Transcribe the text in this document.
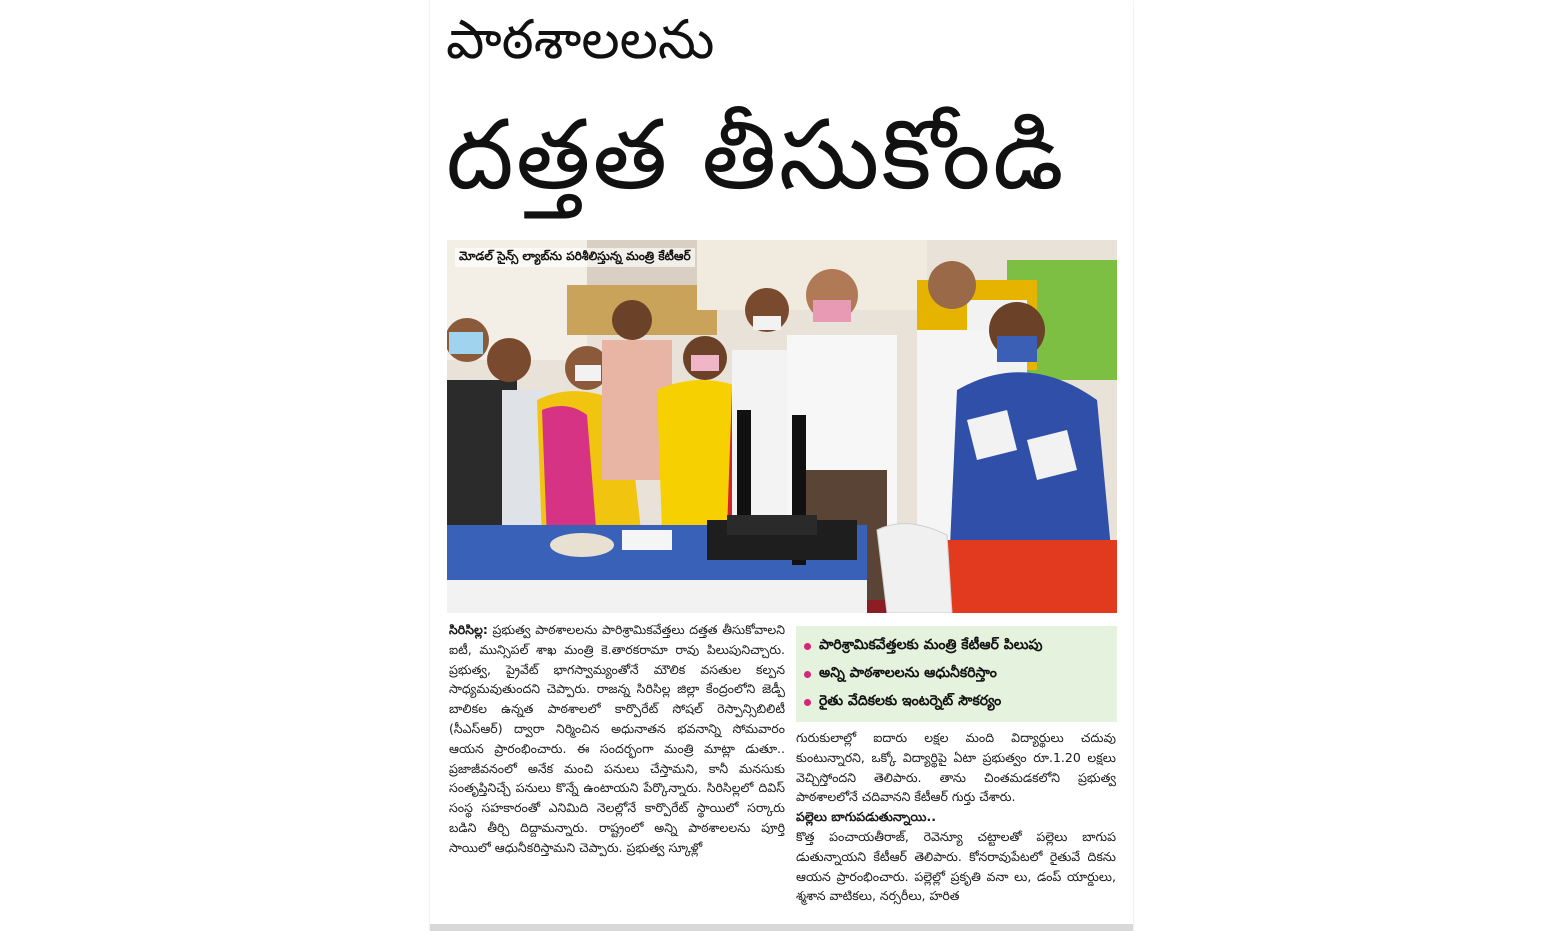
పాఠశాలలను
దత్తత తీసుకోండి
మోడల్ సైన్స్ ల్యాబ్‌ను పరిశీలిస్తున్న మంత్రి కేటీఆర్
సిరిసిల్ల: ప్రభుత్వ పాఠశాలలను పారిశ్రామికవేత్తలు దత్తత తీసుకోవాలని ఐటీ, మున్సిపల్ శాఖ మంత్రి కె.తారకరామా రావు పిలుపునిచ్చారు. ప్రభుత్వ, ప్రైవేట్ భాగస్వామ్యంతోనే మౌలిక వసతుల కల్పన సాధ్యమవుతుందని చెప్పారు. రాజన్న సిరిసిల్ల జిల్లా కేంద్రంలోని జెడ్పీ బాలికల ఉన్నత పాఠశాలలో కార్పొరేట్ సోషల్ రెస్పాన్సిబిలిటీ (సీఎస్ఆర్) ద్వారా నిర్మించిన అధునాతన భవనాన్ని సోమవారం ఆయన ప్రారంభించారు. ఈ సందర్భంగా మంత్రి మాట్లా డుతూ.. ప్రజాజీవనంలో అనేక మంచి పనులు చేస్తామని, కానీ మనసుకు సంతృప్తినిచ్చే పనులు కొన్నే ఉంటాయని పేర్కొన్నారు. సిరిసిల్లలో దివిస్ సంస్థ సహకారంతో ఎనిమిది నెలల్లోనే కార్పొరేట్ స్థాయిలో సర్కారు బడిని తీర్చి దిద్దామన్నారు. రాష్ట్రంలో అన్ని పాఠశాలలను పూర్తి సాయిలో ఆధునీకరిస్తామని చెప్పారు. ప్రభుత్వ స్కూళ్లో
పారిశ్రామికవేత్తలకు మంత్రి కేటీఆర్ పిలుపు
అన్ని పాఠశాలలను ఆధునీకరిస్తాం
రైతు వేదికలకు ఇంటర్నెట్ సౌకర్యం
గురుకులాల్లో ఐదారు లక్షల మంది విద్యార్థులు చదువు కుంటున్నారని, ఒక్కో విద్యార్థిపై ఏటా ప్రభుత్వం రూ.1.20 లక్షలు వెచ్చిస్తోందని తెలిపారు. తాను చింతమడకలోని ప్రభుత్వ పాఠశాలలోనే చదివానని కేటీఆర్ గుర్తు చేశారు.
పల్లెలు బాగుపడుతున్నాయి..
కొత్త పంచాయతీరాజ్, రెవెన్యూ చట్టాలతో పల్లెలు బాగుప డుతున్నాయని కేటీఆర్ తెలిపారు. కోనరావుపేటలో రైతువే దికను ఆయన ప్రారంభించారు. పల్లెల్లో ప్రకృతి వనా లు, డంప్ యార్డులు, శ్మశాన వాటికలు, నర్సరీలు, హరిత
